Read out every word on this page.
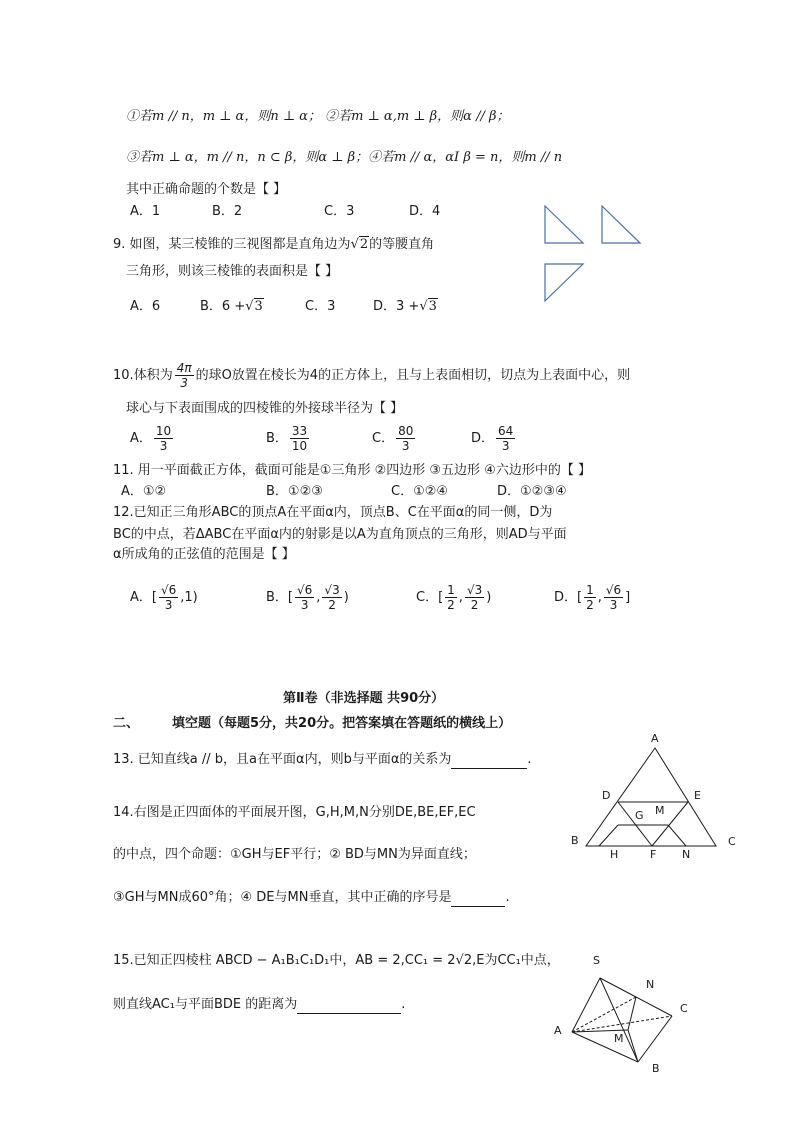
①若m // n，m ⊥ α，则n ⊥ α； ②若m ⊥ α,m ⊥ β，则α // β；
③若m ⊥ α，m // n，n ⊂ β，则α ⊥ β；④若m // α，αI β = n，则m // n
其中正确命题的个数是【 】
A．1	B．2	C．3	D．4
9. 如图，某三棱锥的三视图都是直角边为√2的等腰直角
三角形，则该三棱锥的表面积是【 】
A．6	B．6 +√3	C．3	D．3 +√3
10.体积为 $\frac{4\pi}{3}$ 的球O放置在棱长为4的正方体上，且与上表面相切，切点为上表面中心，则
球心与下表面围成的四棱锥的外接球半径为【 】
A． $\frac{10}{3}$	B． $\frac{33}{10}$	C． $\frac{80}{3}$	D． $\frac{64}{3}$
11. 用一平面截正方体，截面可能是①三角形 ②四边形 ③五边形 ④六边形中的【 】
A．①②	B．①②③	C．①②④	D．①②③④
12.已知正三角形ABC的顶点A在平面α内，顶点B、C在平面α的同一侧，D为
BC的中点，若ΔABC在平面α内的射影是以A为直角顶点的三角形，则AD与平面
α所成角的正弦值的范围是【 】
A．[ $\frac{√6}{3} ,1$)	B．[ $\frac{√6}{3}$ , $\frac{√3}{2}$ )	C．[ $\frac{1}{2}$ , $\frac{√3}{2}$ )	D．[ $\frac{1}{2}$ , $\frac{√6}{3}$ ]
第Ⅱ卷（非选择题 共90分）
二、	填空题（每题5分，共20分。把答案填在答题纸的横线上）
13. 已知直线a // b，且a在平面α内，则b与平面α的关系为	.
A
D	E
G M
B
H	F N
C
14.右图是正四面体的平面展开图，G,H,M,N分别DE,BE,EF,EC
的中点，四个命题：①GH与EF平行；② BD与MN为异面直线；
③GH与MN成60°角；④ DE与MN垂直，其中正确的序号是	.
15.已知正四棱柱 ABCD − A₁B₁C₁D₁中，AB = 2,CC₁ = 2√2,E为CC₁中点，
则直线AC₁与平面BDE 的距离为	.
S
N
C
A
M
B
